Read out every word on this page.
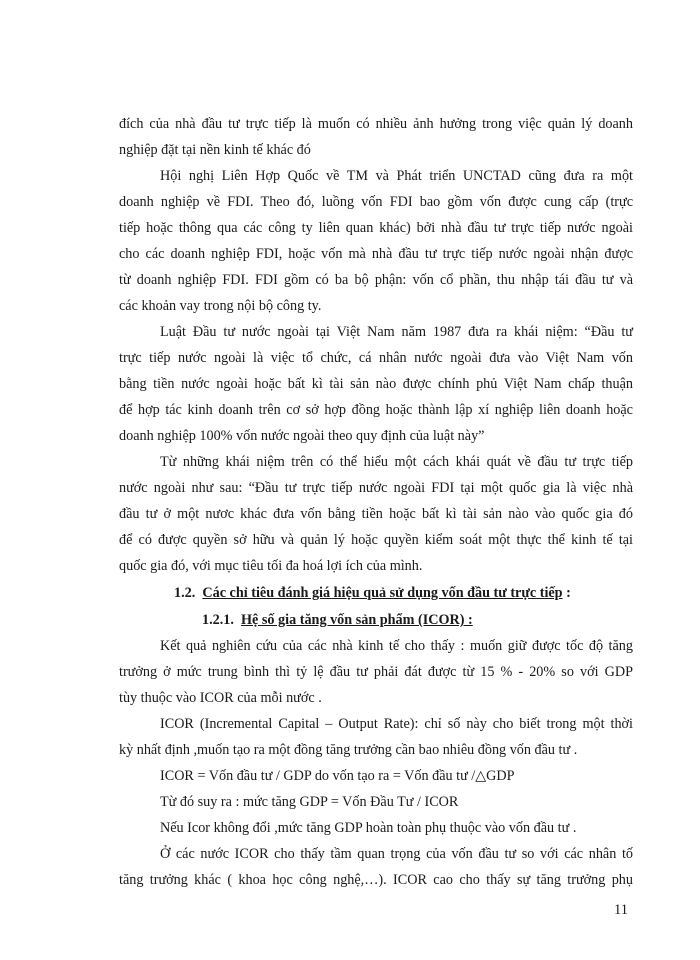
đích của nhà đầu tư trực tiếp là muốn có nhiều ảnh hưởng trong việc quản lý doanh
nghiệp đặt tại nền kinh tế khác đó
Hội nghị Liên Hợp Quốc về TM và Phát triển UNCTAD cũng đưa ra một
doanh nghiệp về FDI. Theo đó, luồng vốn FDI bao gồm vốn được cung cấp (trực
tiếp hoặc thông qua các công ty liên quan khác) bởi nhà đầu tư trực tiếp nước ngoài
cho các doanh nghiệp FDI, hoặc vốn mà nhà đầu tư trực tiếp nước ngoài nhận được
từ doanh nghiệp FDI. FDI gồm có ba bộ phận: vốn cổ phần, thu nhập tái đầu tư và
các khoản vay trong nội bộ công ty.
Luật Đầu tư nước ngoài tại Việt Nam năm 1987 đưa ra khái niệm: “Đầu tư
trực tiếp nước ngoài là việc tổ chức, cá nhân nước ngoài đưa vào Việt Nam vốn
bằng tiền nước ngoài hoặc bất kì tài sản nào được chính phủ Việt Nam chấp thuận
để hợp tác kinh doanh trên cơ sở hợp đồng hoặc thành lập xí nghiệp liên doanh hoặc
doanh nghiệp 100% vốn nước ngoài theo quy định của luật này”
Từ những khái niệm trên có thể hiểu một cách khái quát về đầu tư trực tiếp
nước ngoài như sau: “Đầu tư trực tiếp nước ngoài FDI tại một quốc gia là việc nhà
đầu tư ở một nươc khác đưa vốn bằng tiền hoặc bất kì tài sản nào vào quốc gia đó
để có được quyền sở hữu và quản lý hoặc quyền kiểm soát một thực thể kinh tế tại
quốc gia đó, với mục tiêu tối đa hoá lợi ích của mình.
1.2. Các chỉ tiêu đánh giá hiệu quả sử dụng vốn đầu tư trực tiếp :
1.2.1. Hệ số gia tăng vốn sản phẩm (ICOR) :
Kết quả nghiên cứu của các nhà kinh tế cho thấy : muốn giữ được tốc độ tăng
trưởng ở mức trung bình thì tỷ lệ đầu tư phải đát được từ 15 % - 20% so với GDP
tùy thuộc vào ICOR của mỗi nước .
ICOR (Incremental Capital – Output Rate): chỉ số này cho biết trong một thời
kỳ nhất định ,muốn tạo ra một đồng tăng trưởng cần bao nhiêu đồng vốn đầu tư .
ICOR = Vốn đầu tư / GDP do vốn tạo ra = Vốn đầu tư /△GDP
Từ đó suy ra : mức tăng GDP = Vốn Đầu Tư / ICOR
Nếu Icor không đổi ,mức tăng GDP hoàn toàn phụ thuộc vào vốn đầu tư .
Ở các nước ICOR cho thấy tầm quan trọng của vốn đầu tư so với các nhân tố
tăng trưởng khác ( khoa học công nghệ,…). ICOR cao cho thấy sự tăng trưởng phụ
11
